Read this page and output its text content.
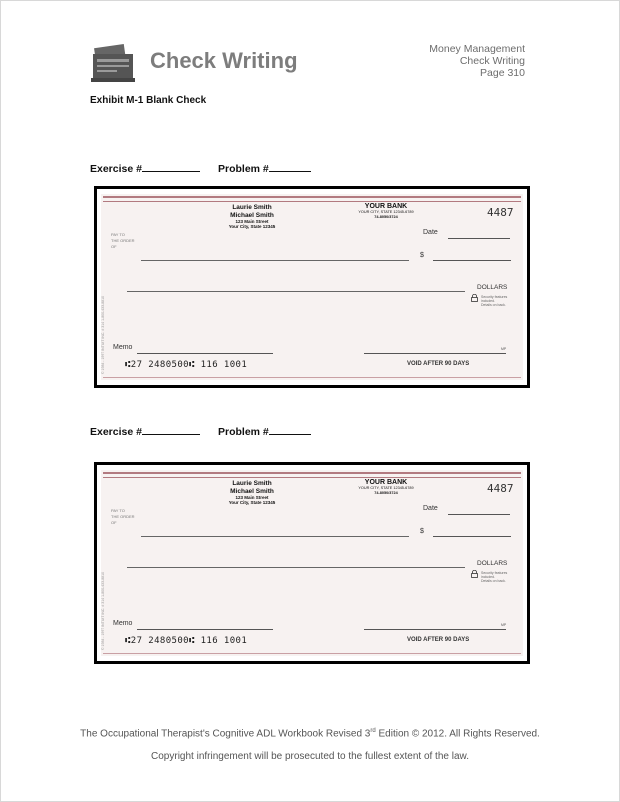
Check Writing	Money Management
Check Writing
Page 310
Exhibit M-1 Blank Check
Exercise #	Problem #
Laurie Smith
Michael Smith
123 Main Street
Your City, State 12345
YOUR BANK
YOUR CITY, STATE 12345-6789
74-8050/3724	4487
Date
PAY TO
THE ORDER
OF
$
DOLLARS
Security features
included.
Details on back.
© 1984 - 1997 INTUIT INC. # 314 1-800-433-8810 Memo	MP
⑆27 2480500⑆ 116 1001	VOID AFTER 90 DAYS
Exercise #	Problem #
Laurie Smith
Michael Smith
123 Main Street
Your City, State 12345
YOUR BANK
YOUR CITY, STATE 12345-6789
74-8050/3724	4487
Date
PAY TO
THE ORDER
OF
$
DOLLARS
Security features
included.
Details on back.
© 1984 - 1997 INTUIT INC. # 314 1-800-433-8810 Memo	MP
⑆27 2480500⑆ 116 1001	VOID AFTER 90 DAYS
The Occupational Therapist's Cognitive ADL Workbook Revised 3rd Edition © 2012. All Rights Reserved.
Copyright infringement will be prosecuted to the fullest extent of the law.
